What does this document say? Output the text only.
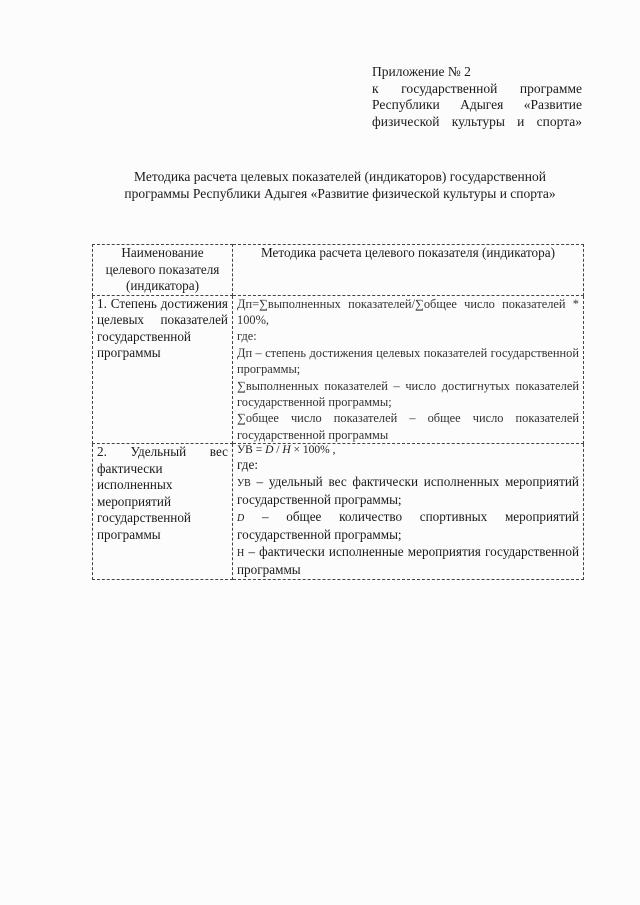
Приложение № 2
к государственной программе
Республики Адыгея «Развитие
физической культуры и спорта»
Методика расчета целевых показателей (индикаторов) государственной
программы Республики Адыгея «Развитие физической культуры и спорта»
Наименование целевого показателя (индикатора)	Методика расчета целевого показателя (индикатора)
1. Степень достижения целевых показателей государственной программы	Дп=∑выполненных показателей/∑общее число показателей * 100%,
где:
Дп – степень достижения целевых показателей государственной программы;
∑выполненных показателей – число достигнутых показателей государственной программы;
∑общее число показателей – общее число показателей государственной программы

2. Удельный вес фактически исполненных мероприятий государственной программы	УВ = D / H × 100% ,
где:
УВ – удельный вес фактически исполненных мероприятий государственной программы;
D – общее количество спортивных мероприятий государственной программы;
Н – фактически исполненные мероприятия государственной программы
